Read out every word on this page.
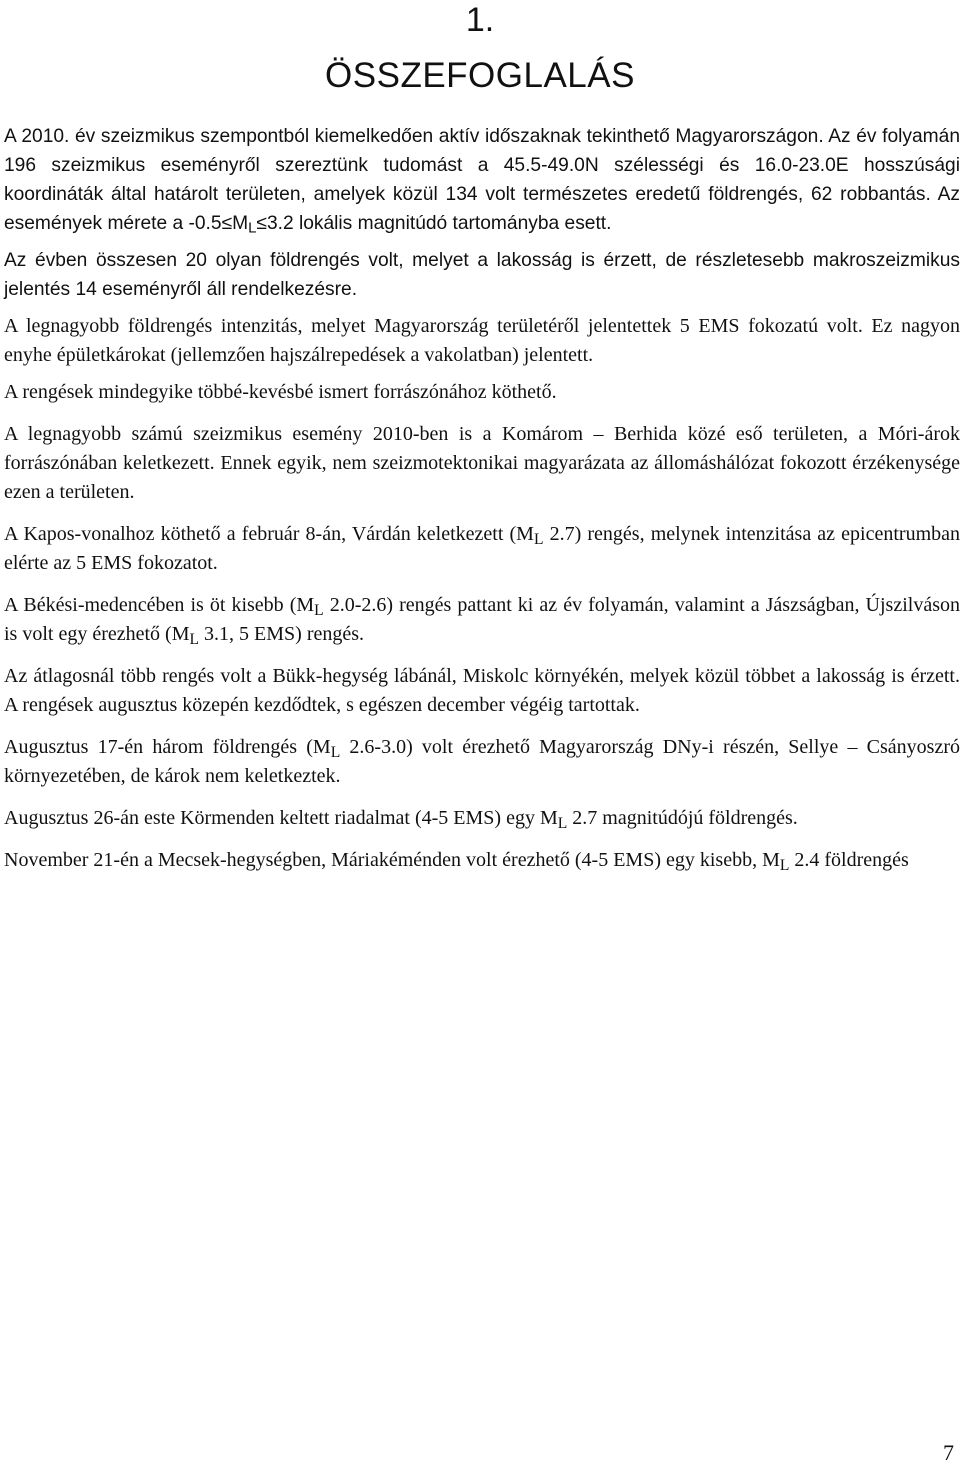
1.
ÖSSZEFOGLALÁS

A 2010. év szeizmikus szempontból kiemelkedően aktív időszaknak tekinthető Magyarországon. Az év folyamán 196 szeizmikus eseményről szereztünk tudomást a 45.5-49.0N szélességi és 16.0-23.0E hosszúsági koordináták által határolt területen, amelyek közül 134 volt természetes eredetű földrengés, 62 robbantás. Az események mérete a $-0.5\le M_L\le 3.2$ lokális magnitúdó tartományba esett.

Az évben összesen 20 olyan földrengés volt, melyet a lakosság is érzett, de részletesebb makroszeizmikus jelentés 14 eseményről áll rendelkezésre.

A legnagyobb földrengés intenzitás, melyet Magyarország területéről jelentettek 5 EMS fokozatú volt. Ez nagyon enyhe épületkárokat (jellemzően hajszálrepedések a vakolatban) jelentett.

A rengések mindegyike többé-kevésbé ismert forrászónához köthető.

A legnagyobb számú szeizmikus esemény 2010-ben is a Komárom – Berhida közé eső területen, a Móri-árok forrászónában keletkezett. Ennek egyik, nem szeizmotektonikai magyarázata az állomáshálózat fokozott érzékenysége ezen a területen.

A Kapos-vonalhoz köthető a február 8-án, Várdán keletkezett ($M_L$ 2.7) rengés, melynek intenzitása az epicentrumban elérte az 5 EMS fokozatot.

A Békési-medencében is öt kisebb ($M_L$ 2.0-2.6) rengés pattant ki az év folyamán, valamint a Jászságban, Újszilváson is volt egy érezhető ($M_L$ 3.1, 5 EMS) rengés.

Az átlagosnál több rengés volt a Bükk-hegység lábánál, Miskolc környékén, melyek közül többet a lakosság is érzett. A rengések augusztus közepén kezdődtek, s egészen december végéig tartottak.

Augusztus 17-én három földrengés ($M_L$ 2.6-3.0) volt érezhető Magyarország DNy-i részén, Sellye – Csányoszró környezetében, de károk nem keletkeztek.

Augusztus 26-án este Körmenden keltett riadalmat (4-5 EMS) egy $M_L$ 2.7 magnitúdójú földrengés.

November 21-én a Mecsek-hegységben, Máriakéménden volt érezhető (4-5 EMS) egy kisebb, $M_L$ 2.4 földrengés

7
